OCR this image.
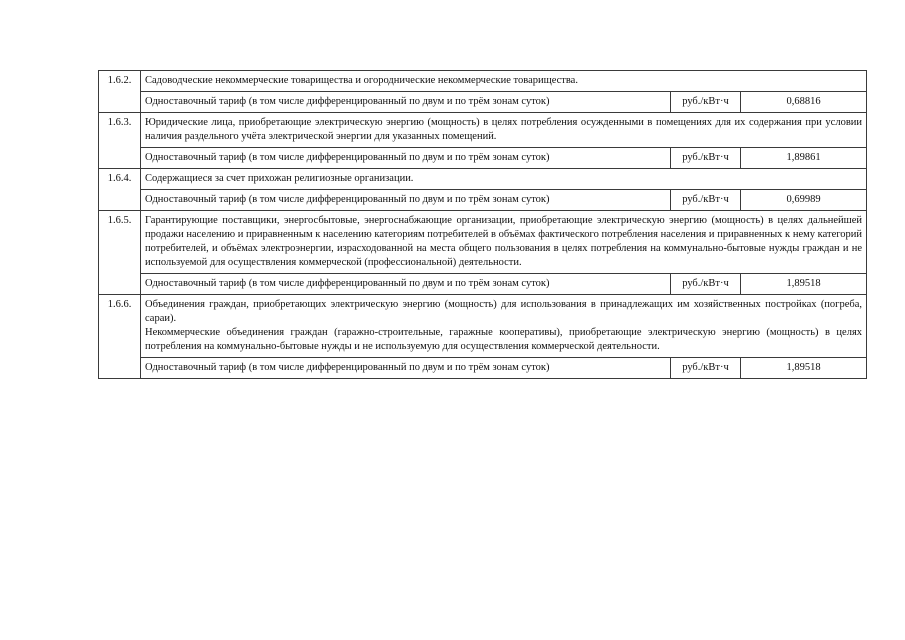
1.6.2.	Садоводческие некоммерческие товарищества и огороднические некоммерческие товарищества.		

	Одноставочный тариф (в том числе дифференцированный по двум и по трём зонам суток)	руб./кВт·ч	0,68816
1.6.3.	Юридические лица, приобретающие электрическую энергию (мощность) в целях потребления осужденными в помещениях для их содержания при условии наличия раздельного учёта электрической энергии для указанных помещений.		

	Одноставочный тариф (в том числе дифференцированный по двум и по трём зонам суток)	руб./кВт·ч	1,89861
1.6.4.	Содержащиеся за счет прихожан религиозные организации.		

	Одноставочный тариф (в том числе дифференцированный по двум и по трём зонам суток)	руб./кВт·ч	0,69989
1.6.5.	Гарантирующие поставщики, энергосбытовые, энергоснабжающие организации, приобретающие электрическую энергию (мощность) в целях дальнейшей продажи населению и приравненным к населению категориям потребителей в объёмах фактического потребления населения и приравненных к нему категорий потребителей, и объёмах электроэнергии, израсходованной на места общего пользования в целях потребления на коммунально-бытовые нужды граждан и не используемой для осуществления коммерческой (профессиональной) деятельности.		

	Одноставочный тариф (в том числе дифференцированный по двум и по трём зонам суток)	руб./кВт·ч	1,89518
1.6.6.	Объединения граждан, приобретающих электрическую энергию (мощность) для использования в принадлежащих им хозяйственных постройках (погреба, сараи).
Некоммерческие объединения граждан (гаражно-строительные, гаражные кооперативы), приобретающие электрическую энергию (мощность) в целях потребления на коммунально-бытовые нужды и не используемую для осуществления коммерческой деятельности.		

	Одноставочный тариф (в том числе дифференцированный по двум и по трём зонам суток)	руб./кВт·ч	1,89518
